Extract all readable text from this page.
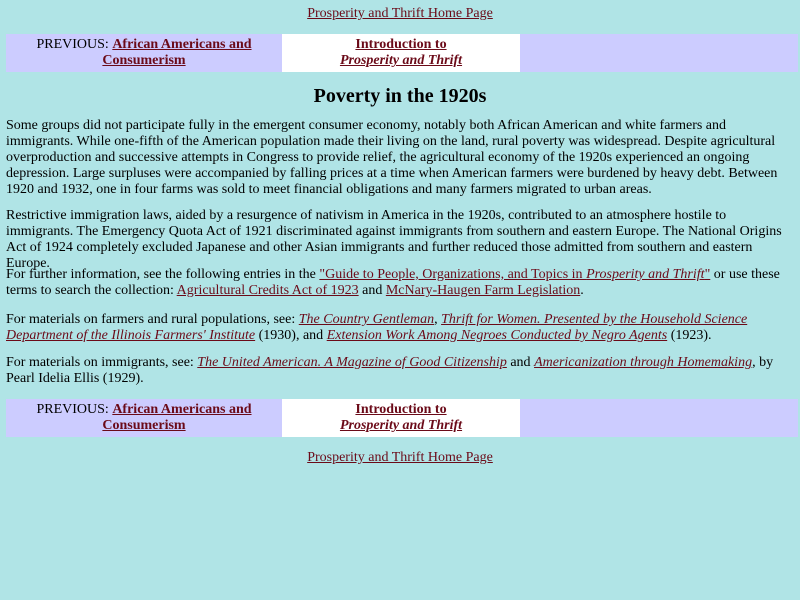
Prosperity and Thrift Home Page
PREVIOUS: African Americans and
Consumerism
Introduction to
Prosperity and Thrift
Poverty in the 1920s

Some groups did not participate fully in the emergent consumer economy, notably both African American and white farmers and immigrants. While one-fifth of the American population made their living on the land, rural poverty was widespread. Despite agricultural overproduction and successive attempts in Congress to provide relief, the agricultural economy of the 1920s experienced an ongoing depression. Large surpluses were accompanied by falling prices at a time when American farmers were burdened by heavy debt. Between 1920 and 1932, one in four farms was sold to meet financial obligations and many farmers migrated to urban areas.

Restrictive immigration laws, aided by a resurgence of nativism in America in the 1920s, contributed to an atmosphere hostile to immigrants. The Emergency Quota Act of 1921 discriminated against immigrants from southern and eastern Europe. The National Origins Act of 1924 completely excluded Japanese and other Asian immigrants and further reduced those admitted from southern and eastern Europe.

For further information, see the following entries in the "Guide to People, Organizations, and Topics in Prosperity and Thrift" or use these terms to search the collection: Agricultural Credits Act of 1923 and McNary-Haugen Farm Legislation.

For materials on farmers and rural populations, see: The Country Gentleman, Thrift for Women. Presented by the Household Science Department of the Illinois Farmers' Institute (1930), and Extension Work Among Negroes Conducted by Negro Agents (1923).

For materials on immigrants, see: The United American. A Magazine of Good Citizenship and Americanization through Homemaking, by Pearl Idelia Ellis (1929).

PREVIOUS: African Americans and
Consumerism
Introduction to
Prosperity and Thrift
Prosperity and Thrift Home Page
